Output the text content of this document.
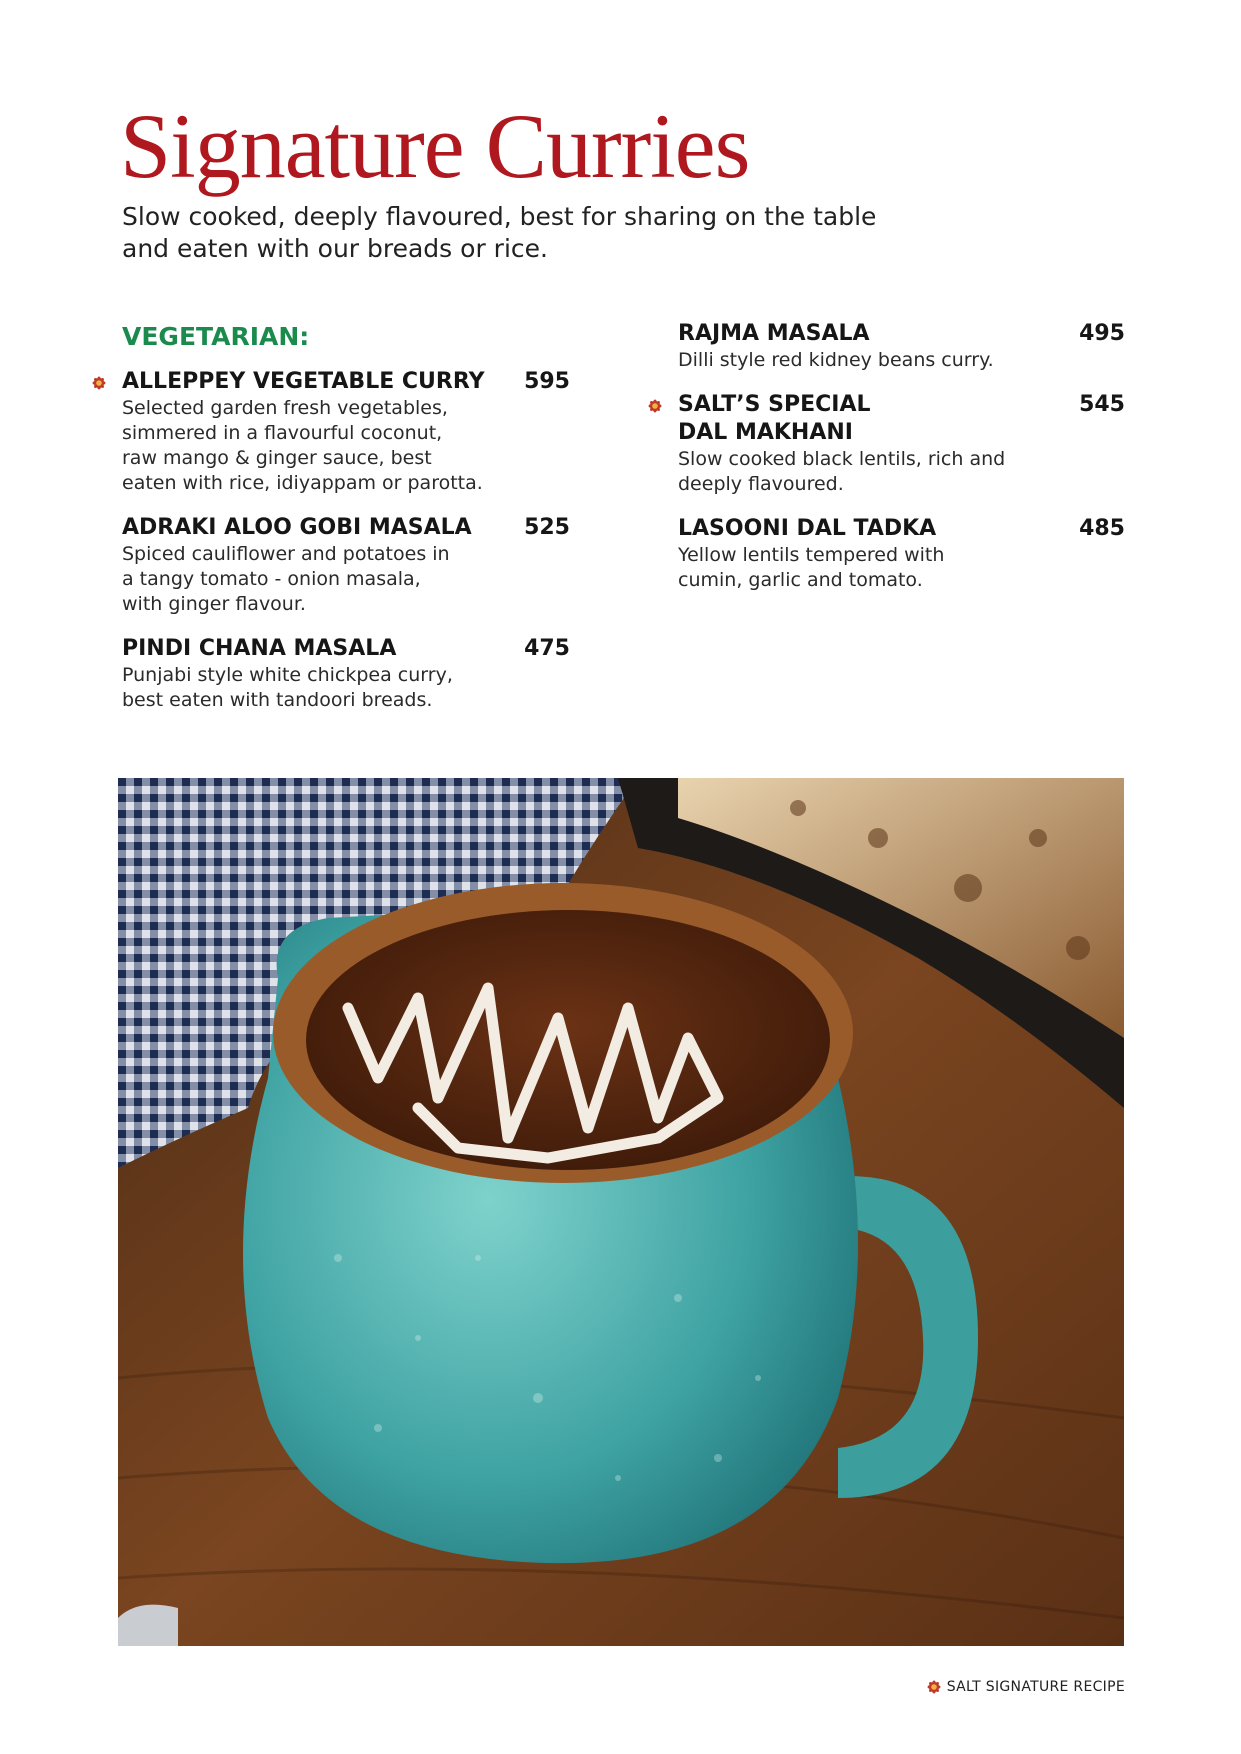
Signature Curries

Slow cooked, deeply flavoured, best for sharing on the table
and eaten with our breads or rice.

VEGETARIAN:
ALLEPPEY VEGETABLE CURRY 595
Selected garden fresh vegetables,
simmered in a flavourful coconut,
raw mango & ginger sauce, best
eaten with rice, idiyappam or parotta.
ADRAKI ALOO GOBI MASALA 525
Spiced cauliflower and potatoes in
a tangy tomato - onion masala,
with ginger flavour.
PINDI CHANA MASALA	475
Punjabi style white chickpea curry,
best eaten with tandoori breads.
RAJMA MASALA	495
Dilli style red kidney beans curry.
SALT’S SPECIAL
DAL MAKHANI
545
Slow cooked black lentils, rich and
deeply flavoured.
LASOONI DAL TADKA	485
Yellow lentils tempered with
cumin, garlic and tomato.
SALT SIGNATURE RECIPE
